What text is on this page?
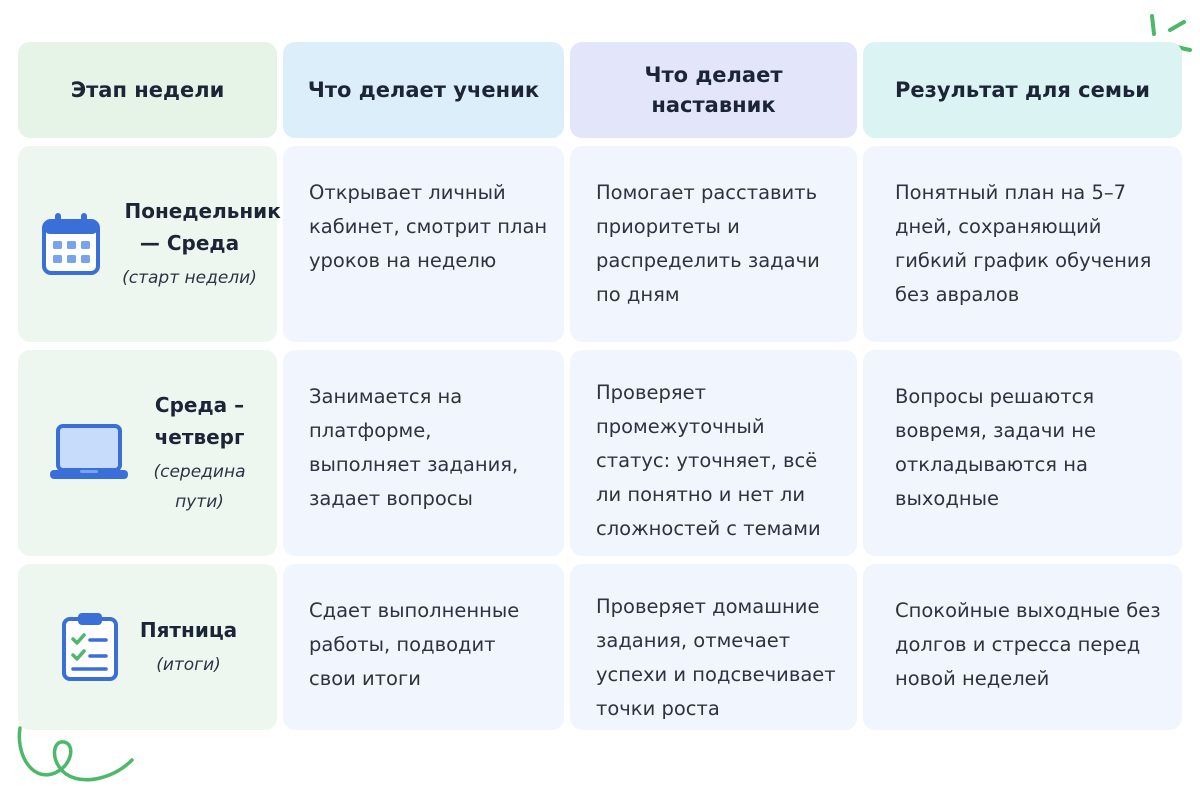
Этап недели	Что делает ученик
Что делает наставник
Результат для семьи
Понедельник — Среда
(старт недели)
Открывает личный кабинет, смотрит план уроков на неделю
Помогает расставить приоритеты и распределить задачи по дням
Понятный план на 5–7 дней, сохраняющий гибкий график обучения без авралов
Среда – четверг
(середина пути)
Занимается на платформе, выполняет задания, задает вопросы
Проверяет промежуточный статус: уточняет, всё ли понятно и нет ли сложностей с темами
Вопросы решаются вовремя, задачи не откладываются на выходные
Пятница
(итоги)
Сдает выполненные работы, подводит свои итоги
Проверяет домашние задания, отмечает успехи и подсвечивает точки роста
Спокойные выходные без долгов и стресса перед новой неделей
